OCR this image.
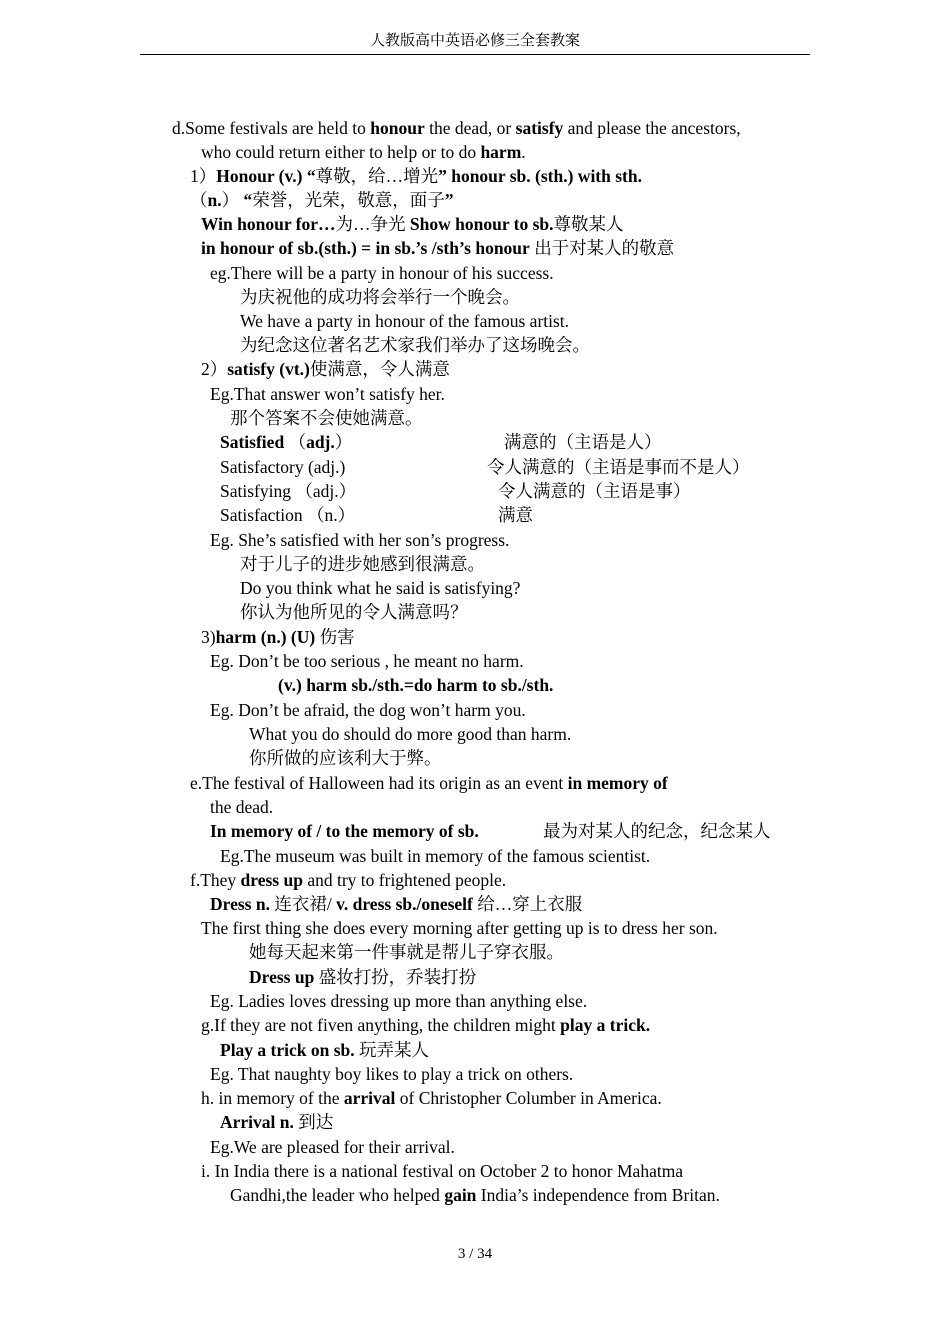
人教版高中英语必修三全套教案
d.Some festivals are held to honour the dead, or satisfy and please the ancestors,
who could return either to help or to do harm.
1）Honour (v.) “尊敬，给…增光” honour sb. (sth.) with sth.
（n.） “荣誉，光荣，敬意，面子”
Win honour for…为…争光 Show honour to sb.尊敬某人
in honour of sb.(sth.) = in sb.’s /sth’s honour 出于对某人的敬意
eg.There will be a party in honour of his success.
为庆祝他的成功将会举行一个晚会。
We have a party in honour of the famous artist.
为纪念这位著名艺术家我们举办了这场晚会。
2）satisfy (vt.)使满意，令人满意
Eg.That answer won’t satisfy her.
那个答案不会使她满意。
Satisfied （adj.）	满意的（主语是人）
Satisfactory (adj.)	令人满意的（主语是事而不是人）
Satisfying （adj.）	令人满意的（主语是事）
Satisfaction （n.）	满意
Eg. She’s satisfied with her son’s progress.
对于儿子的进步她感到很满意。
Do you think what he said is satisfying?
你认为他所见的令人满意吗？
3)harm (n.) (U) 伤害
Eg. Don’t be too serious , he meant no harm.
(v.) harm sb./sth.=do harm to sb./sth.
Eg. Don’t be afraid, the dog won’t harm you.
What you do should do more good than harm.
你所做的应该利大于弊。
e.The festival of Halloween had its origin as an event in memory of
the dead.
In memory of / to the memory of sb.	最为对某人的纪念，纪念某人
Eg.The museum was built in memory of the famous scientist.
f.They dress up and try to frightened people.
Dress n. 连衣裙/ v. dress sb./oneself 给…穿上衣服
The first thing she does every morning after getting up is to dress her son.
她每天起来第一件事就是帮儿子穿衣服。
Dress up 盛妆打扮，乔装打扮
Eg. Ladies loves dressing up more than anything else.
g.If they are not fiven anything, the children might play a trick.
Play a trick on sb. 玩弄某人
Eg. That naughty boy likes to play a trick on others.
h. in memory of the arrival of Christopher Columber in America.
Arrival n. 到达
Eg.We are pleased for their arrival.
i. In India there is a national festival on October 2 to honor Mahatma
Gandhi,the leader who helped gain India’s independence from Britan.
3 / 34
